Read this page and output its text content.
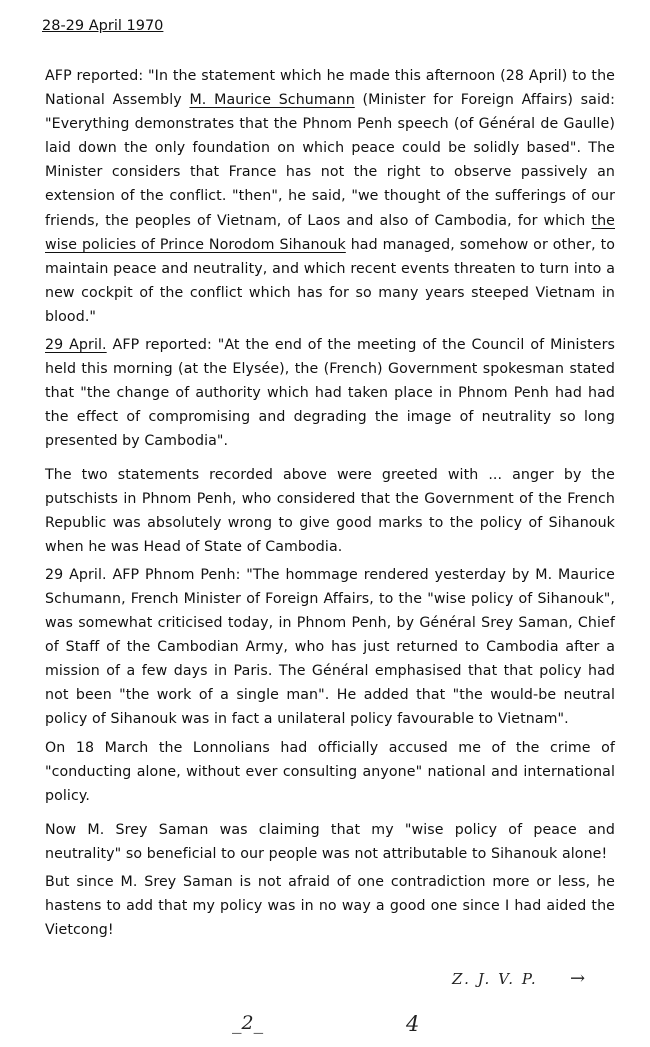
28-29 April 1970

AFP reported: "In the statement which he made this afternoon (28 April) to the National Assembly M. Maurice Schumann (Minister for Foreign Affairs) said: "Everything demonstrates that the Phnom Penh speech (of Général de Gaulle) laid down the only foundation on which peace could be solidly based". The Minister considers that France has not the right to observe passively an extension of the conflict. "then", he said, "we thought of the sufferings of our friends, the peoples of Vietnam, of Laos and also of Cambodia, for which the wise policies of Prince Norodom Sihanouk had managed, somehow or other, to maintain peace and neutrality, and which recent events threaten to turn into a new cockpit of the conflict which has for so many years steeped Vietnam in blood."

29 April. AFP reported: "At the end of the meeting of the Council of Ministers held this morning (at the Elysée), the (French) Government spokesman stated that "the change of authority which had taken place in Phnom Penh had had the effect of compromising and degrading the image of neutrality so long presented by Cambodia".

The two statements recorded above were greeted with ... anger by the putschists in Phnom Penh, who considered that the Government of the French Republic was absolutely wrong to give good marks to the policy of Sihanouk when he was Head of State of Cambodia.

29 April. AFP Phnom Penh: "The hommage rendered yesterday by M. Maurice Schumann, French Minister of Foreign Affairs, to the "wise policy of Sihanouk", was somewhat criticised today, in Phnom Penh, by Général Srey Saman, Chief of Staff of the Cambodian Army, who has just returned to Cambodia after a mission of a few days in Paris. The Général emphasised that that policy had not been "the work of a single man". He added that "the would-be neutral policy of Sihanouk was in fact a unilateral policy favourable to Vietnam".

On 18 March the Lonnolians had officially accused me of the crime of "conducting alone, without ever consulting anyone" national and international policy.

Now M. Srey Saman was claiming that my "wise policy of peace and neutrality" so beneficial to our people was not attributable to Sihanouk alone!

But since M. Srey Saman is not afraid of one contradiction more or less, he hastens to add that my policy was in no way a good one since I had aided the Vietcong!

Z. J. V. P. →
_2_	4
